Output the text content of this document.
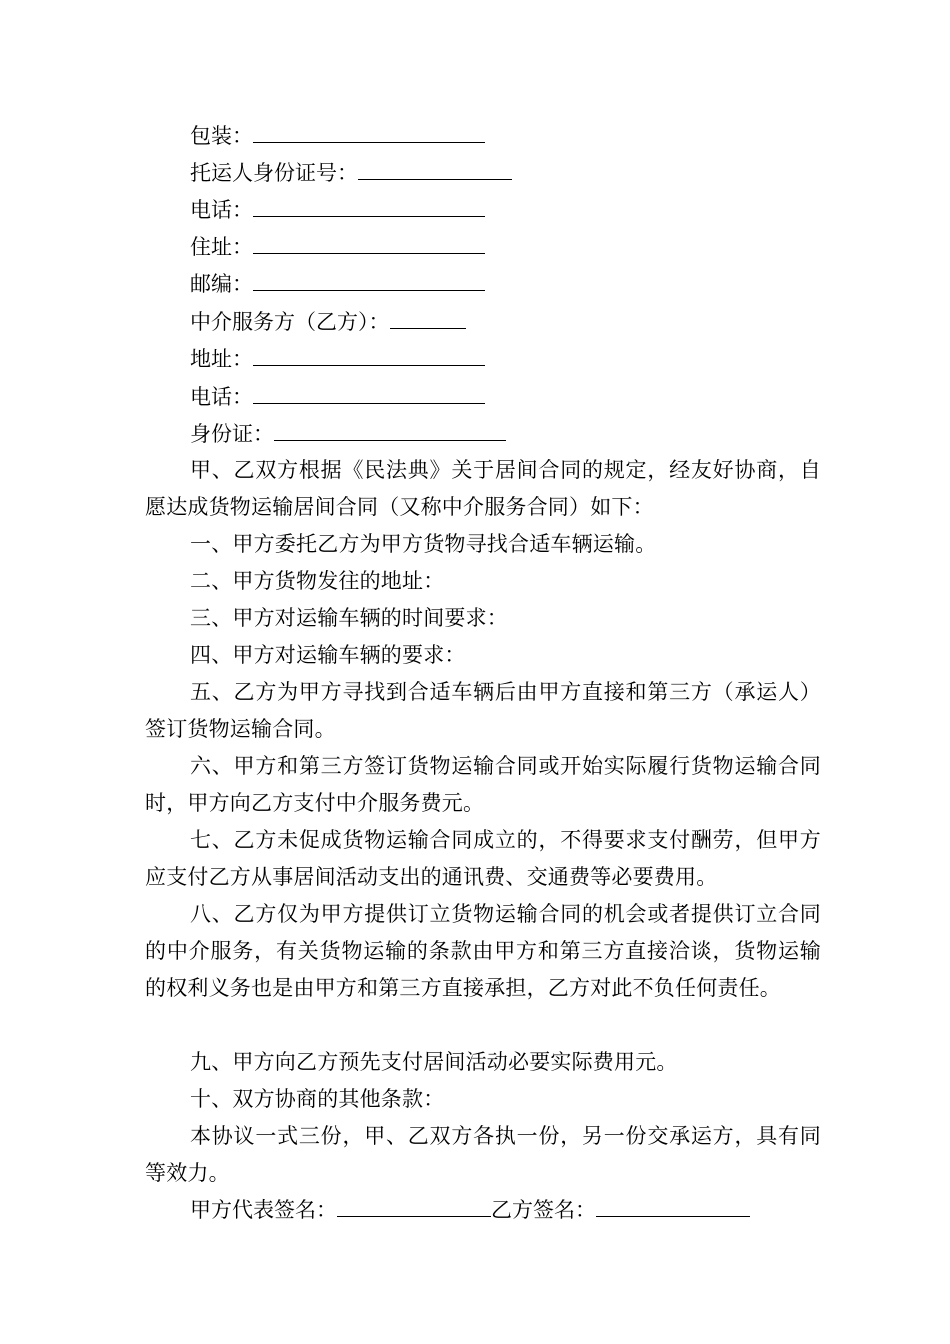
包装：
托运人身份证号：
电话：
住址：
邮编：
中介服务方（乙方）：
地址：
电话：
身份证：
甲、乙双方根据《民法典》关于居间合同的规定，经友好协商，自愿达成货物运输居间合同（又称中介服务合同）如下：
一、甲方委托乙方为甲方货物寻找合适车辆运输。
二、甲方货物发往的地址：
三、甲方对运输车辆的时间要求：
四、甲方对运输车辆的要求：
五、乙方为甲方寻找到合适车辆后由甲方直接和第三方（承运人）签订货物运输合同。
六、甲方和第三方签订货物运输合同或开始实际履行货物运输合同时，甲方向乙方支付中介服务费元。
七、乙方未促成货物运输合同成立的，不得要求支付酬劳，但甲方应支付乙方从事居间活动支出的通讯费、交通费等必要费用。
八、乙方仅为甲方提供订立货物运输合同的机会或者提供订立合同的中介服务，有关货物运输的条款由甲方和第三方直接洽谈，货物运输的权利义务也是由甲方和第三方直接承担，乙方对此不负任何责任。
九、甲方向乙方预先支付居间活动必要实际费用元。
十、双方协商的其他条款：
本协议一式三份，甲、乙双方各执一份，另一份交承运方，具有同等效力。
甲方代表签名：	乙方签名：
